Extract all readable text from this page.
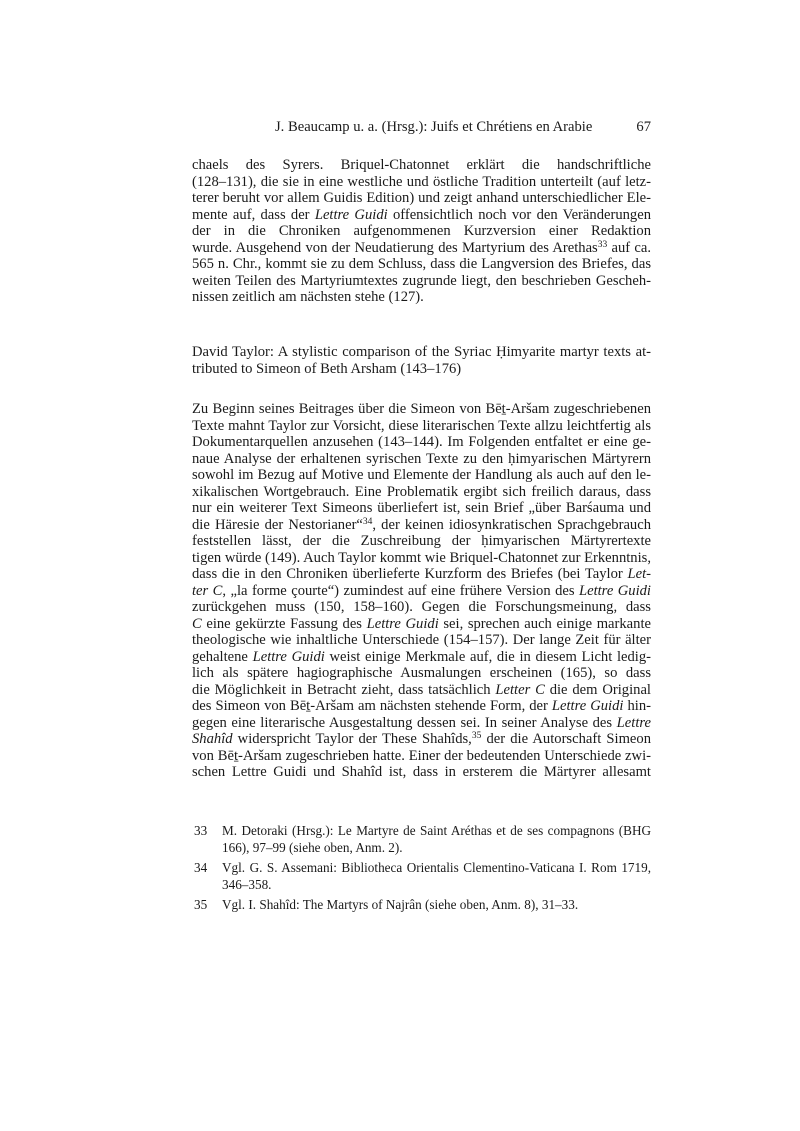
J. Beaucamp u. a. (Hrsg.): Juifs et Chrétiens en Arabie	67
chaels des Syrers. Briquel-Chatonnet erklärt die handschriftliche
(128–131), die sie in eine westliche und östliche Tradition unterteilt (auf letz-
terer beruht vor allem Guidis Edition) und zeigt anhand unterschiedlicher Ele-
mente auf, dass der Lettre Guidi offensichtlich noch vor den Veränderungen
der in die Chroniken aufgenommenen Kurzversion einer Redaktion
wurde. Ausgehend von der Neudatierung des Martyrium des Arethas$^{33}$ auf ca.
565 n. Chr., kommt sie zu dem Schluss, dass die Langversion des Briefes, das
weiten Teilen des Martyriumtextes zugrunde liegt, den beschrieben Gescheh-
nissen zeitlich am nächsten stehe (127).
David Taylor: A stylistic comparison of the Syriac Ḥimyarite martyr texts at-
tributed to Simeon of Beth Arsham (143–176)
Zu Beginn seines Beitrages über die Simeon von Bēṯ-Aršam zugeschriebenen
Texte mahnt Taylor zur Vorsicht, diese literarischen Texte allzu leichtfertig als
Dokumentarquellen anzusehen (143–144). Im Folgenden entfaltet er eine ge-
naue Analyse der erhaltenen syrischen Texte zu den ḥimyarischen Märtyrern
sowohl im Bezug auf Motive und Elemente der Handlung als auch auf den le-
xikalischen Wortgebrauch. Eine Problematik ergibt sich freilich daraus, dass
nur ein weiterer Text Simeons überliefert ist, sein Brief „über Barśauma und
die Häresie der Nestorianer“$^{34}$, der keinen idiosynkratischen Sprachgebrauch
feststellen lässt, der die Zuschreibung der ḥimyarischen Märtyrertexte
tigen würde (149). Auch Taylor kommt wie Briquel-Chatonnet zur Erkenntnis,
dass die in den Chroniken überlieferte Kurzform des Briefes (bei Taylor Let-
ter C, „la forme çourte“) zumindest auf eine frühere Version des Lettre Guidi
zurückgehen muss (150, 158–160). Gegen die Forschungsmeinung, dass
C eine gekürzte Fassung des Lettre Guidi sei, sprechen auch einige markante
theologische wie inhaltliche Unterschiede (154–157). Der lange Zeit für älter
gehaltene Lettre Guidi weist einige Merkmale auf, die in diesem Licht ledig-
lich als spätere hagiographische Ausmalungen erscheinen (165), so dass
die Möglichkeit in Betracht zieht, dass tatsächlich Letter C die dem Original
des Simeon von Bēṯ-Aršam am nächsten stehende Form, der Lettre Guidi hin-
gegen eine literarische Ausgestaltung dessen sei. In seiner Analyse des Lettre
Shahîd widerspricht Taylor der These Shahîds,$^{35}$ der die Autorschaft Simeon
von Bēṯ-Aršam zugeschrieben hatte. Einer der bedeutenden Unterschiede zwi-
schen Lettre Guidi und Shahîd ist, dass in ersterem die Märtyrer allesamt
33 M. Detoraki (Hrsg.): Le Martyre de Saint Aréthas et de ses compagnons (BHG
166), 97–99 (siehe oben, Anm. 2).
34 Vgl. G. S. Assemani: Bibliotheca Orientalis Clementino-Vaticana I. Rom 1719,
346–358.
35 Vgl. I. Shahîd: The Martyrs of Najrân (siehe oben, Anm. 8), 31–33.
